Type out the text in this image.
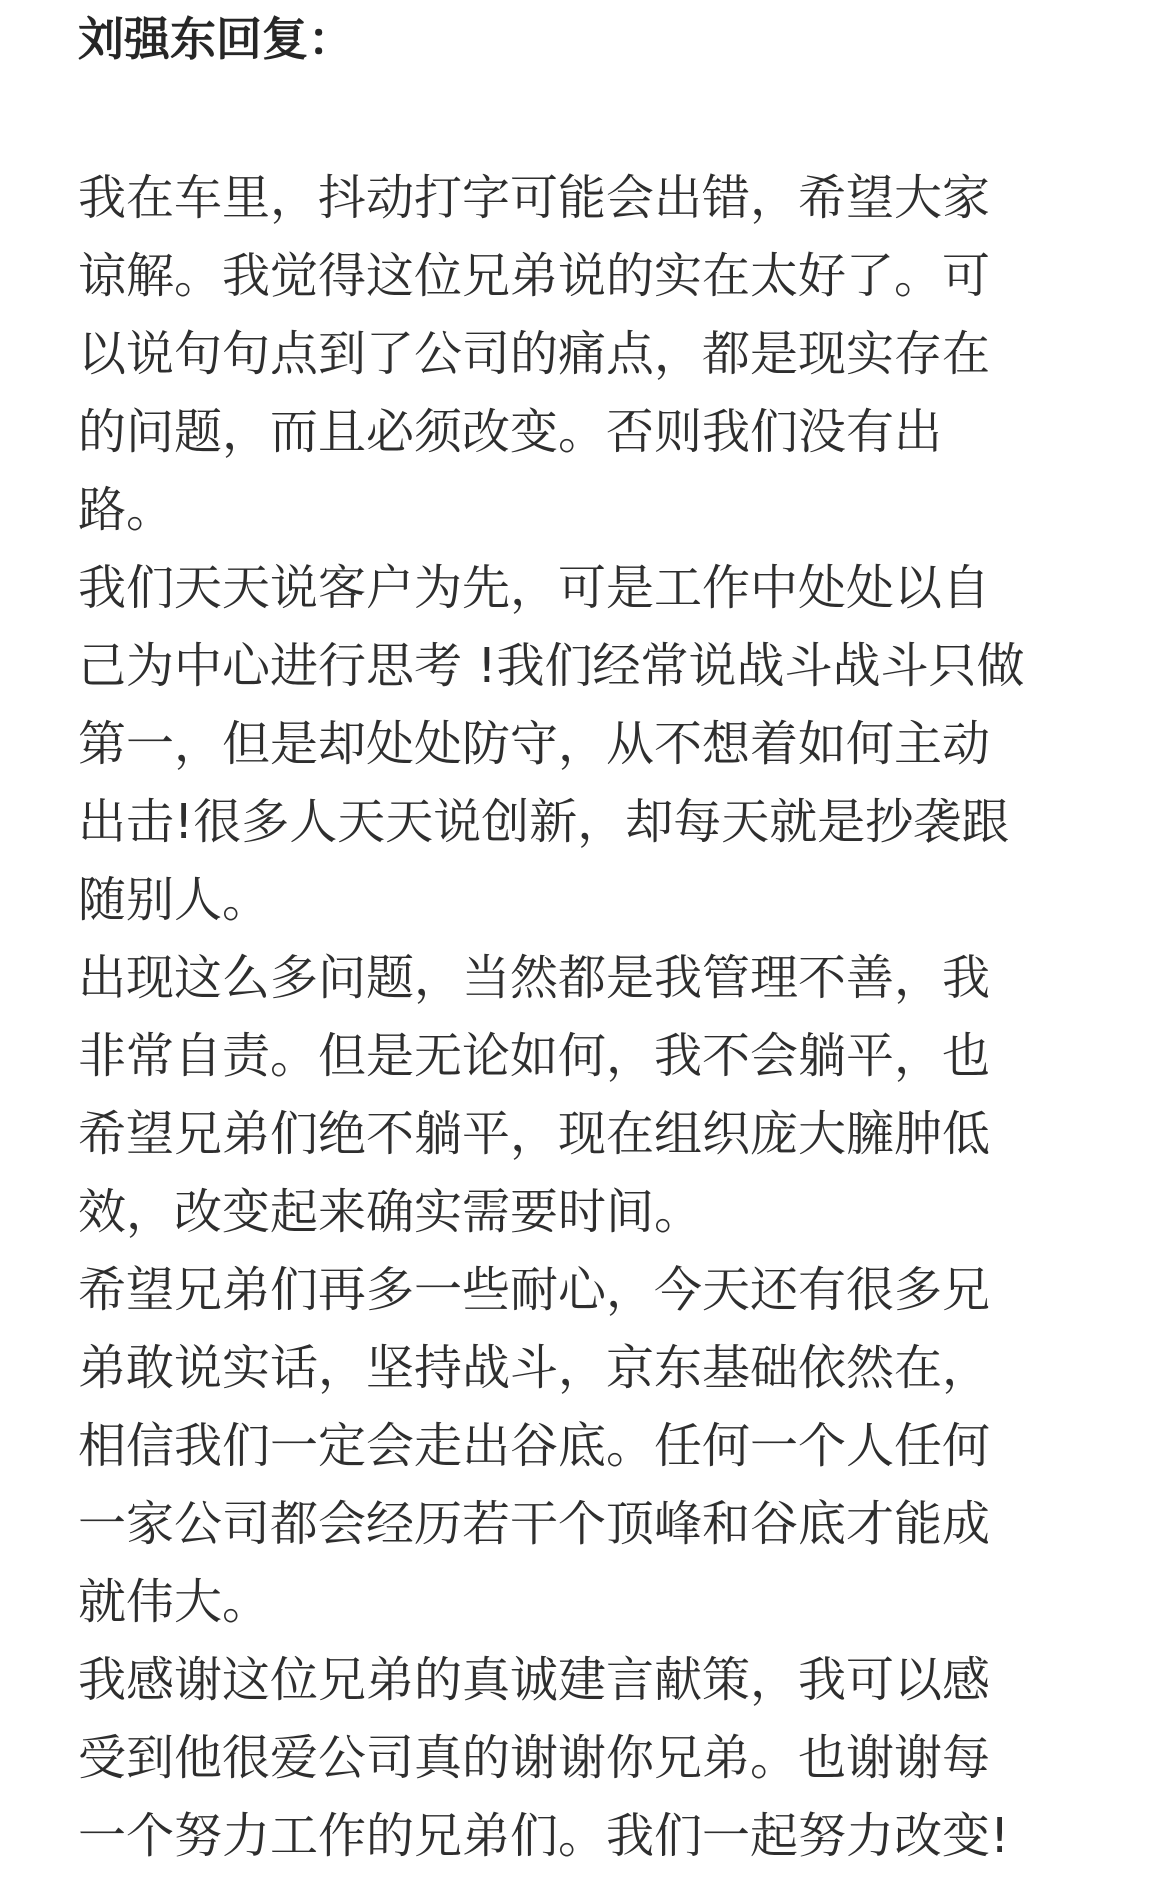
刘强东回复：
我在车里，抖动打字可能会出错，希望大家
谅解。我觉得这位兄弟说的实在太好了。可
以说句句点到了公司的痛点，都是现实存在
的问题，而且必须改变。否则我们没有出
路。
我们天天说客户为先，可是工作中处处以自
己为中心进行思考 !我们经常说战斗战斗只做
第一，但是却处处防守，从不想着如何主动
出击!很多人天天说创新，却每天就是抄袭跟
随别人。
出现这么多问题，当然都是我管理不善，我
非常自责。但是无论如何，我不会躺平，也
希望兄弟们绝不躺平，现在组织庞大臃肿低
效，改变起来确实需要时间。
希望兄弟们再多一些耐心，今天还有很多兄
弟敢说实话，坚持战斗，京东基础依然在，
相信我们一定会走出谷底。任何一个人任何
一家公司都会经历若干个顶峰和谷底才能成
就伟大。
我感谢这位兄弟的真诚建言献策，我可以感
受到他很爱公司真的谢谢你兄弟。也谢谢每
一个努力工作的兄弟们。我们一起努力改变!
